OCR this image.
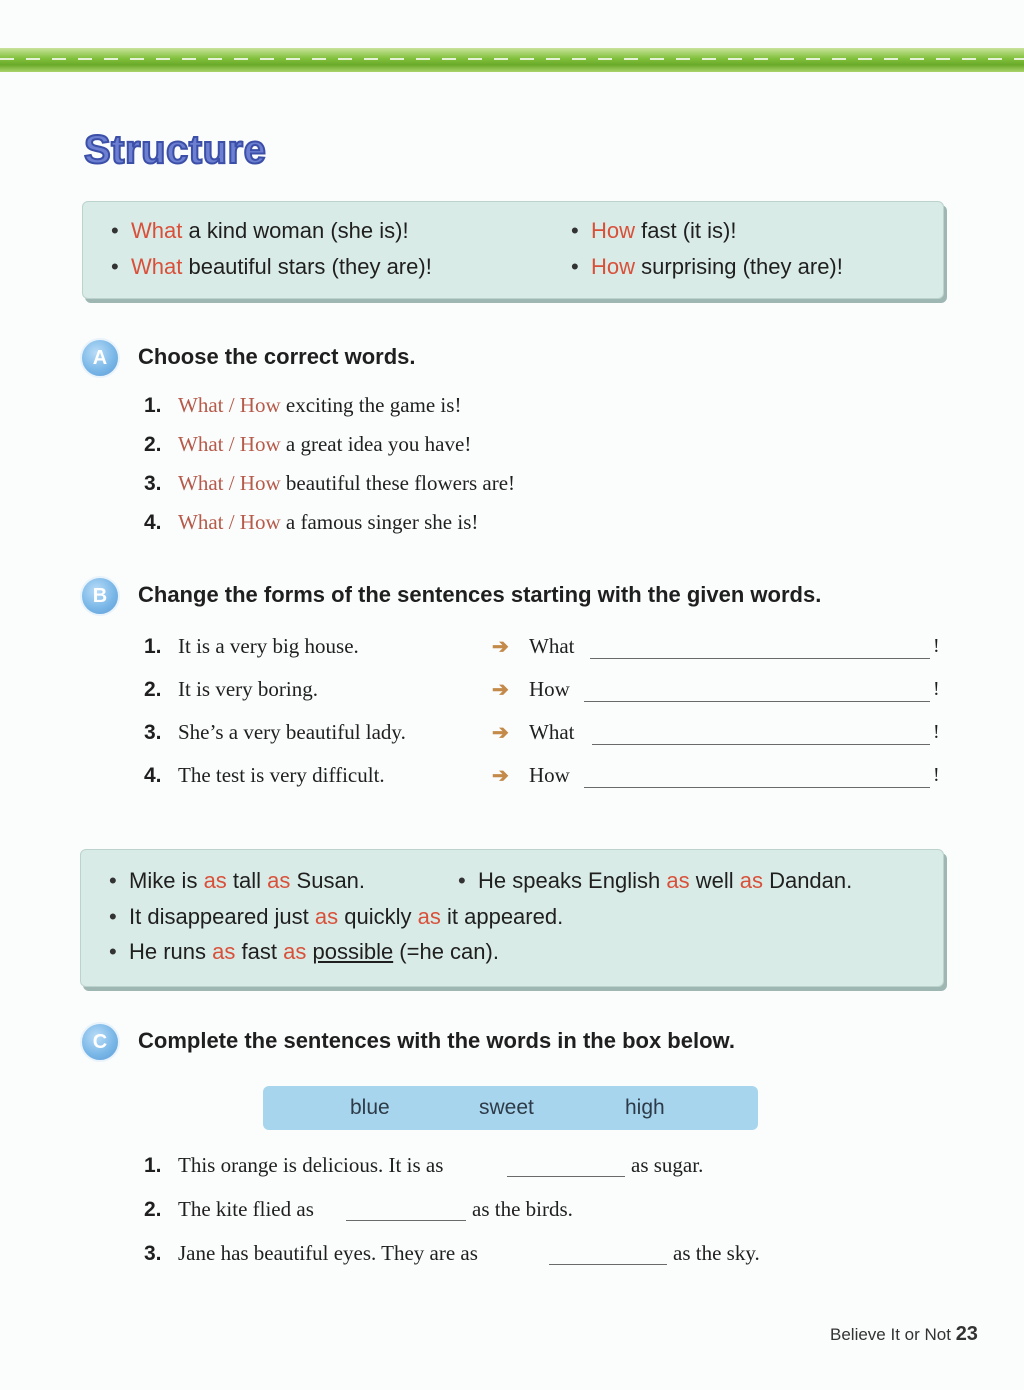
Structure
• What a kind woman (she is)!	• How fast (it is)!
• What beautiful stars (they are)!	• How surprising (they are)!
A	Choose the correct words.
1. What / How exciting the game is!
2. What / How a great idea you have!
3. What / How beautiful these flowers are!
4. What / How a famous singer she is!
B	Change the forms of the sentences starting with the given words.
1. It is a very big house.	➔ What	!
2. It is very boring.	➔ How	!
3. She’s a very beautiful lady.	➔ What	!
4. The test is very difficult.	➔ How	!
• Mike is as tall as Susan.	• He speaks English as well as Dandan.
• It disappeared just as quickly as it appeared.
• He runs as fast as possible (=he can).
C	Complete the sentences with the words in the box below.
blue	sweet	high
1. This orange is delicious. It is as	as sugar.
2. The kite flied as	as the birds.
3. Jane has beautiful eyes. They are as	as the sky.
Believe It or Not 23
